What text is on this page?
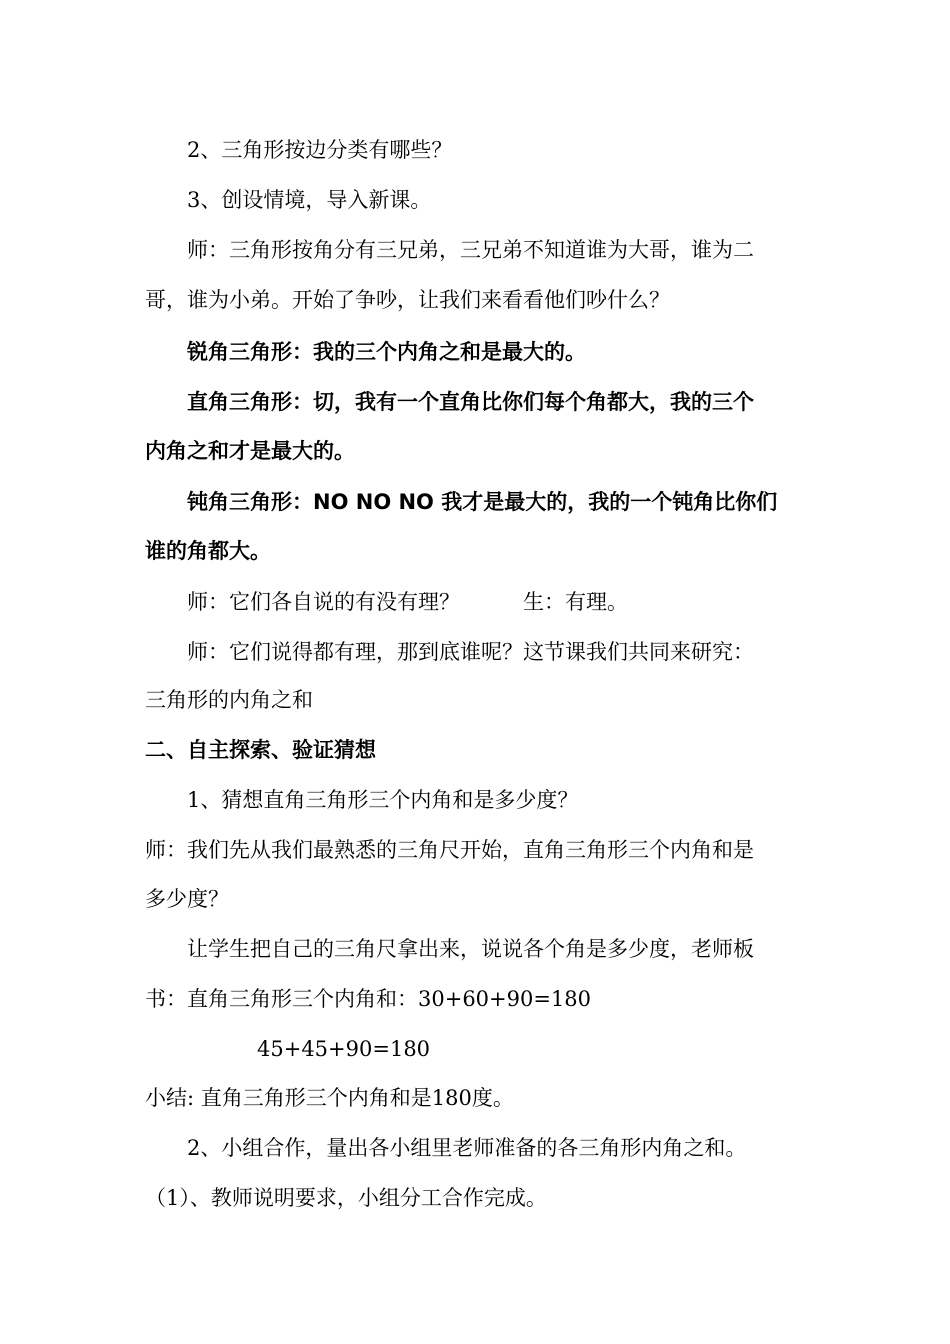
2、三角形按边分类有哪些？
3、创设情境，导入新课。
师：三角形按角分有三兄弟，三兄弟不知道谁为大哥，谁为二
哥，谁为小弟。开始了争吵，让我们来看看他们吵什么？
锐角三角形：我的三个内角之和是最大的。
直角三角形：切，我有一个直角比你们每个角都大，我的三个
内角之和才是最大的。
钝角三角形：NO NO NO 我才是最大的，我的一个钝角比你们
谁的角都大。
师：它们各自说的有没有理？	生：有理。
师：它们说得都有理，那到底谁呢？这节课我们共同来研究：
三角形的内角之和
二、自主探索、验证猜想
1、猜想直角三角形三个内角和是多少度？
师：我们先从我们最熟悉的三角尺开始，直角三角形三个内角和是
多少度？
让学生把自己的三角尺拿出来，说说各个角是多少度，老师板
书：直角三角形三个内角和：30+60+90=180
45+45+90=180
小结: 直角三角形三个内角和是180度。
2、小组合作，量出各小组里老师准备的各三角形内角之和。
（1）、教师说明要求，小组分工合作完成。
